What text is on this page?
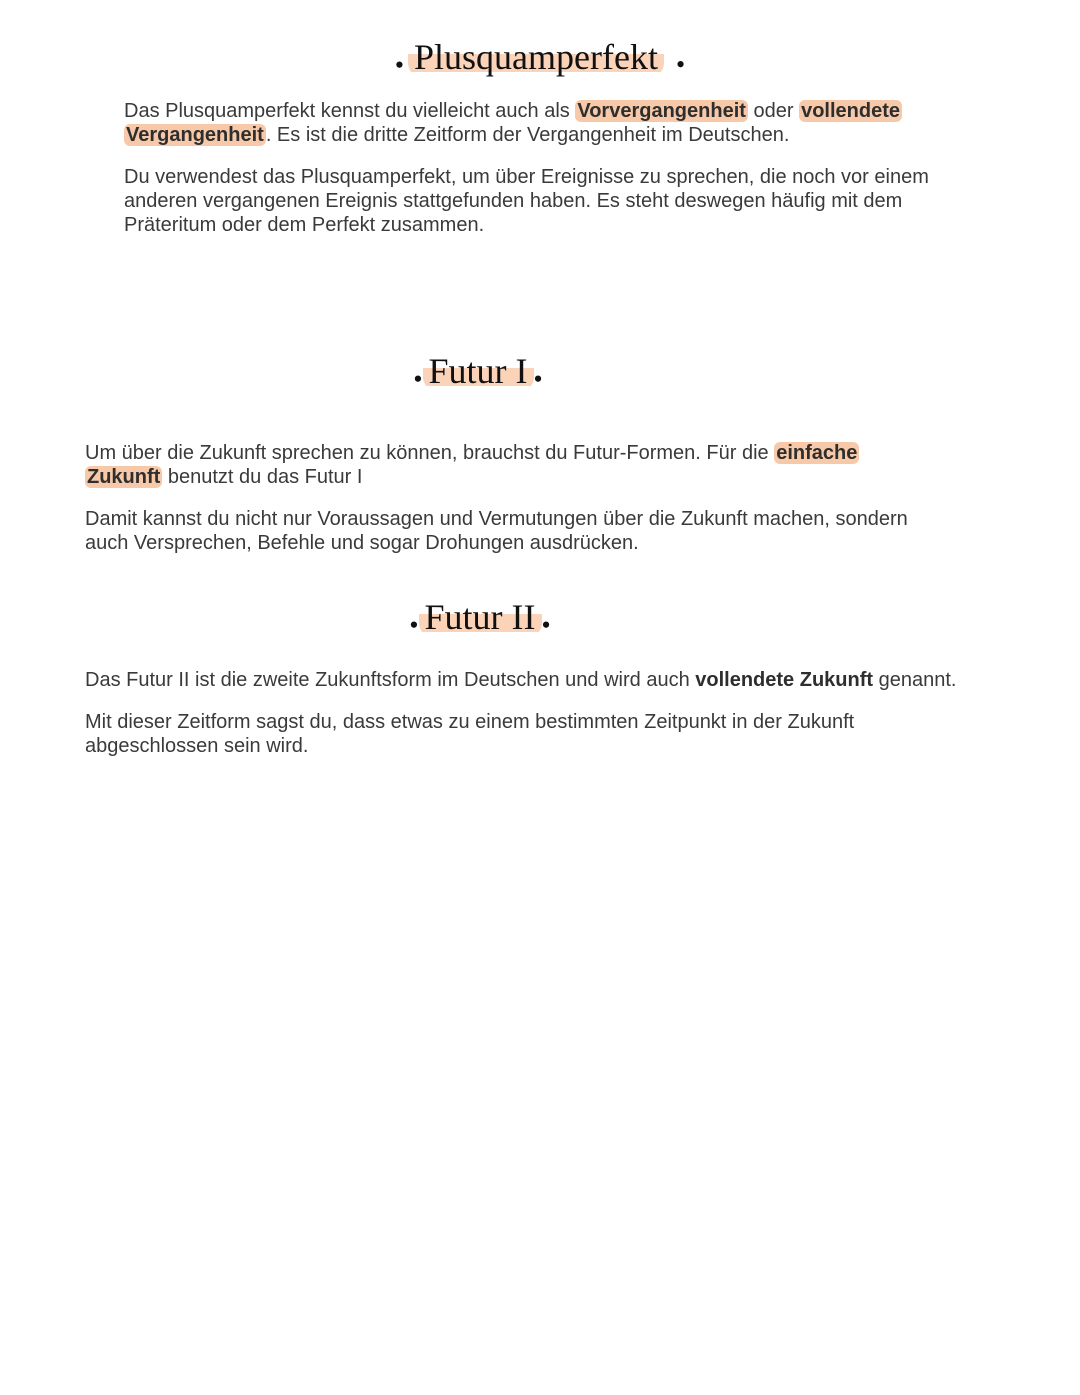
• Plusquamperfekt •

Das Plusquamperfekt kennst du vielleicht auch als Vorvergangenheit oder vollendete
Vergangenheit . Es ist die dritte Zeitform der Vergangenheit im Deutschen.

Du verwendest das Plusquamperfekt, um über Ereignisse zu sprechen, die noch vor einem
anderen vergangenen Ereignis stattgefunden haben. Es steht deswegen häufig mit dem
Präteritum oder dem Perfekt zusammen.

• Futur I •

Um über die Zukunft sprechen zu können, brauchst du Futur-Formen. Für die einfache
Zukunft benutzt du das Futur I

Damit kannst du nicht nur Voraussagen und Vermutungen über die Zukunft machen, sondern
auch Versprechen, Befehle und sogar Drohungen ausdrücken.

• Futur II •

Das Futur II ist die zweite Zukunftsform im Deutschen und wird auch vollendete Zukunft genannt.

Mit dieser Zeitform sagst du, dass etwas zu einem bestimmten Zeitpunkt in der Zukunft
abgeschlossen sein wird.
